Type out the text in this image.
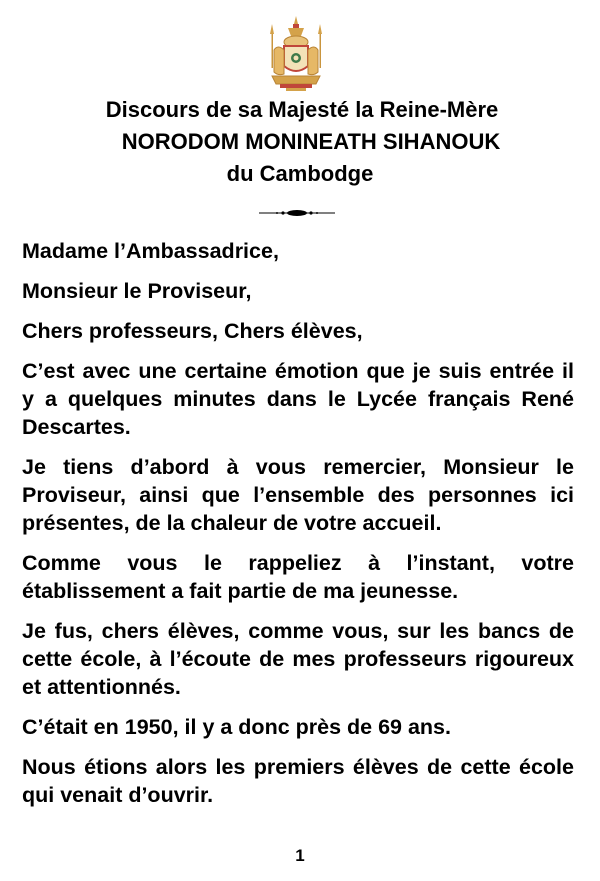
Discours de sa Majesté la Reine-Mère
NORODOM MONINEATH SIHANOUK
du Cambodge

Madame l’Ambassadrice,

Monsieur le Proviseur,

Chers professeurs, Chers élèves,

C’est avec une certaine émotion que je suis entrée il y a quelques minutes dans le Lycée français René Descartes.

Je tiens d’abord à vous remercier, Monsieur le Proviseur, ainsi que l’ensemble des personnes ici présentes, de la chaleur de votre accueil.

Comme vous le rappeliez à l’instant, votre établissement a fait partie de ma jeunesse.

Je fus, chers élèves, comme vous, sur les bancs de cette école, à l’écoute de mes professeurs rigoureux et attentionnés.

C’était en 1950, il y a donc près de 69 ans.

Nous étions alors les premiers élèves de cette école qui venait d’ouvrir.

1
